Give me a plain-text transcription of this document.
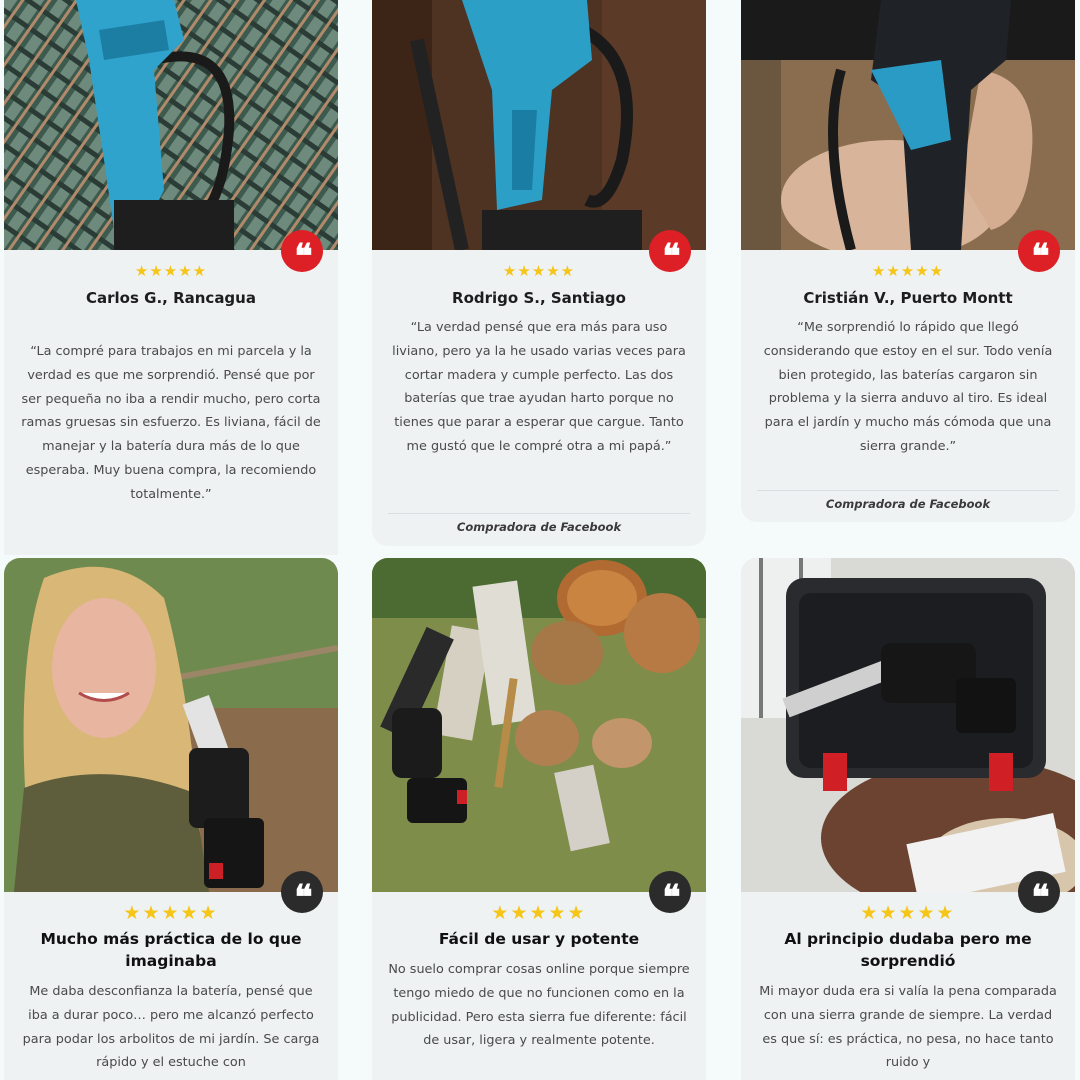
❝
★★★★★
Carlos G., Rancagua
“La compré para trabajos en mi parcela y la verdad es que me sorprendió. Pensé que por ser pequeña no iba a rendir mucho, pero corta ramas gruesas sin esfuerzo. Es liviana, fácil de manejar y la batería dura más de lo que esperaba. Muy buena compra, la recomiendo totalmente.”
❝
★★★★★
Rodrigo S., Santiago
“La verdad pensé que era más para uso liviano, pero ya la he usado varias veces para cortar madera y cumple perfecto. Las dos baterías que trae ayudan harto porque no tienes que parar a esperar que cargue. Tanto me gustó que le compré otra a mi papá.”
Compradora de Facebook
❝
★★★★★
Cristián V., Puerto Montt
“Me sorprendió lo rápido que llegó considerando que estoy en el sur. Todo venía bien protegido, las baterías cargaron sin problema y la sierra anduvo al tiro. Es ideal para el jardín y mucho más cómoda que una sierra grande.”
Compradora de Facebook
❝
★★★★★
Mucho más práctica de lo que imaginaba
Me daba desconfianza la batería, pensé que iba a durar poco… pero me alcanzó perfecto para podar los arbolitos de mi jardín. Se carga rápido y el estuche con
❝
★★★★★
Fácil de usar y potente
No suelo comprar cosas online porque siempre tengo miedo de que no funcionen como en la publicidad. Pero esta sierra fue diferente: fácil de usar, ligera y realmente potente.
❝
★★★★★
Al principio dudaba pero me sorprendió
Mi mayor duda era si valía la pena comparada con una sierra grande de siempre. La verdad es que sí: es práctica, no pesa, no hace tanto ruido y
